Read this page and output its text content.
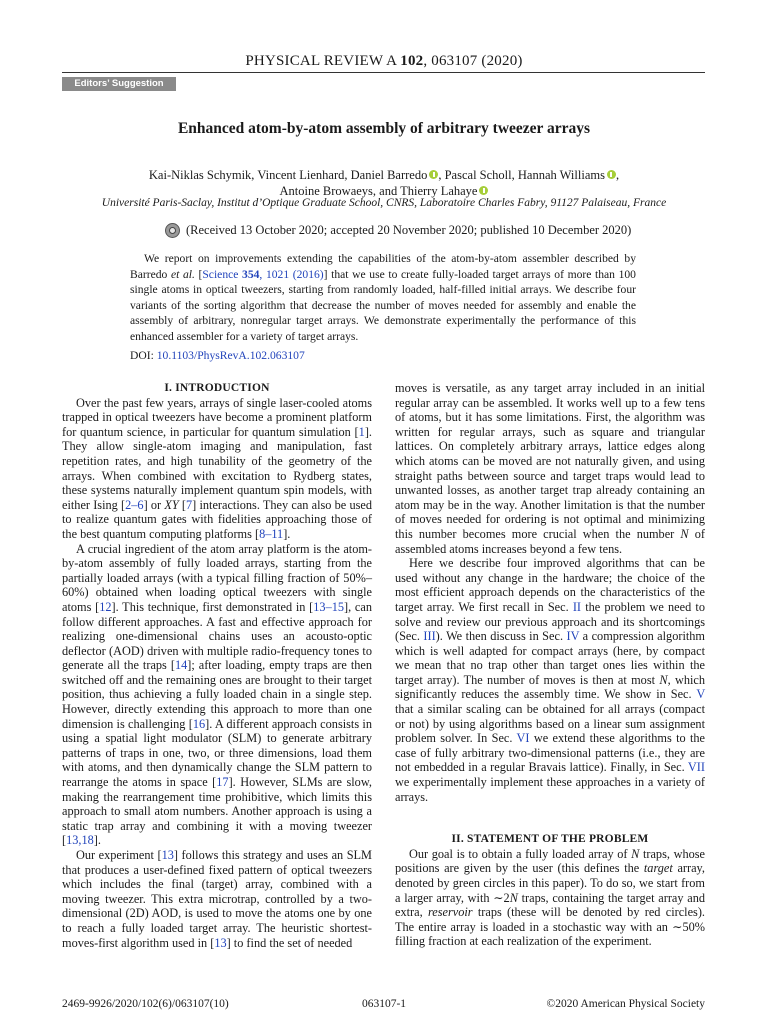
PHYSICAL REVIEW A 102, 063107 (2020)
Editors’ Suggestion
Enhanced atom-by-atom assembly of arbitrary tweezer arrays
Kai-Niklas Schymik, Vincent Lienhard, Daniel Barredo , Pascal Scholl, Hannah Williams ,
Antoine Browaeys, and Thierry Lahaye
Université Paris-Saclay, Institut d’Optique Graduate School, CNRS, Laboratoire Charles Fabry, 91127 Palaiseau, France
(Received 13 October 2020; accepted 20 November 2020; published 10 December 2020)
We report on improvements extending the capabilities of the atom-by-atom assembler described by Barredo et al. [Science 354, 1021 (2016)] that we use to create fully-loaded target arrays of more than 100 single atoms in optical tweezers, starting from randomly loaded, half-filled initial arrays. We describe four variants of the sorting algorithm that decrease the number of moves needed for assembly and enable the assembly of arbitrary, nonregular target arrays. We demonstrate experimentally the performance of this enhanced assembler for a variety of target arrays.
DOI: 10.1103/PhysRevA.102.063107

I. INTRODUCTION

Over the past few years, arrays of single laser-cooled atoms trapped in optical tweezers have become a prominent platform for quantum science, in particular for quantum simulation [1]. They allow single-atom imaging and manipulation, fast repetition rates, and high tunability of the geometry of the arrays. When combined with excitation to Rydberg states, these systems naturally implement quantum spin models, with either Ising [2–6] or XY [7] interactions. They can also be used to realize quantum gates with fidelities approaching those of the best quantum computing platforms [8–11].

A crucial ingredient of the atom array platform is the atom-by-atom assembly of fully loaded arrays, starting from the partially loaded arrays (with a typical filling fraction of 50%–60%) obtained when loading optical tweezers with single atoms [12]. This technique, first demonstrated in [13–15], can follow different approaches. A fast and effective approach for realizing one-dimensional chains uses an acousto-optic deflector (AOD) driven with multiple radio-frequency tones to generate all the traps [14]; after loading, empty traps are then switched off and the remaining ones are brought to their target position, thus achieving a fully loaded chain in a single step. However, directly extending this approach to more than one dimension is challenging [16]. A different approach consists in using a spatial light modulator (SLM) to generate arbitrary patterns of traps in one, two, or three dimensions, load them with atoms, and then dynamically change the SLM pattern to rearrange the atoms in space [17]. However, SLMs are slow, making the rearrangement time prohibitive, which limits this approach to small atom numbers. Another approach is using a static trap array and combining it with a moving tweezer [13,18].

Our experiment [13] follows this strategy and uses an SLM that produces a user-defined fixed pattern of optical tweezers which includes the final (target) array, combined with a moving tweezer. This extra microtrap, controlled by a two-dimensional (2D) AOD, is used to move the atoms one by one to reach a fully loaded target array. The heuristic shortest-moves-first algorithm used in [13] to find the set of needed

moves is versatile, as any target array included in an initial regular array can be assembled. It works well up to a few tens of atoms, but it has some limitations. First, the algorithm was written for regular arrays, such as square and triangular lattices. On completely arbitrary arrays, lattice edges along which atoms can be moved are not naturally given, and using straight paths between source and target traps would lead to unwanted losses, as another target trap already containing an atom may be in the way. Another limitation is that the number of moves needed for ordering is not optimal and minimizing this number becomes more crucial when the number N of assembled atoms increases beyond a few tens.

Here we describe four improved algorithms that can be used without any change in the hardware; the choice of the most efficient approach depends on the characteristics of the target array. We first recall in Sec. II the problem we need to solve and review our previous approach and its shortcomings (Sec. III). We then discuss in Sec. IV a compression algorithm which is well adapted for compact arrays (here, by compact we mean that no trap other than target ones lies within the target array). The number of moves is then at most N, which significantly reduces the assembly time. We show in Sec. V that a similar scaling can be obtained for all arrays (compact or not) by using algorithms based on a linear sum assignment problem solver. In Sec. VI we extend these algorithms to the case of fully arbitrary two-dimensional patterns (i.e., they are not embedded in a regular Bravais lattice). Finally, in Sec. VII we experimentally implement these approaches in a variety of arrays.

II. STATEMENT OF THE PROBLEM

Our goal is to obtain a fully loaded array of N traps, whose positions are given by the user (this defines the target array, denoted by green circles in this paper). To do so, we start from a larger array, with ∼2N traps, containing the target array and extra, reservoir traps (these will be denoted by red circles). The entire array is loaded in a stochastic way with an ∼50% filling fraction at each realization of the experiment.

2469-9926/2020/102(6)/063107(10)	063107-1	©2020 American Physical Society
